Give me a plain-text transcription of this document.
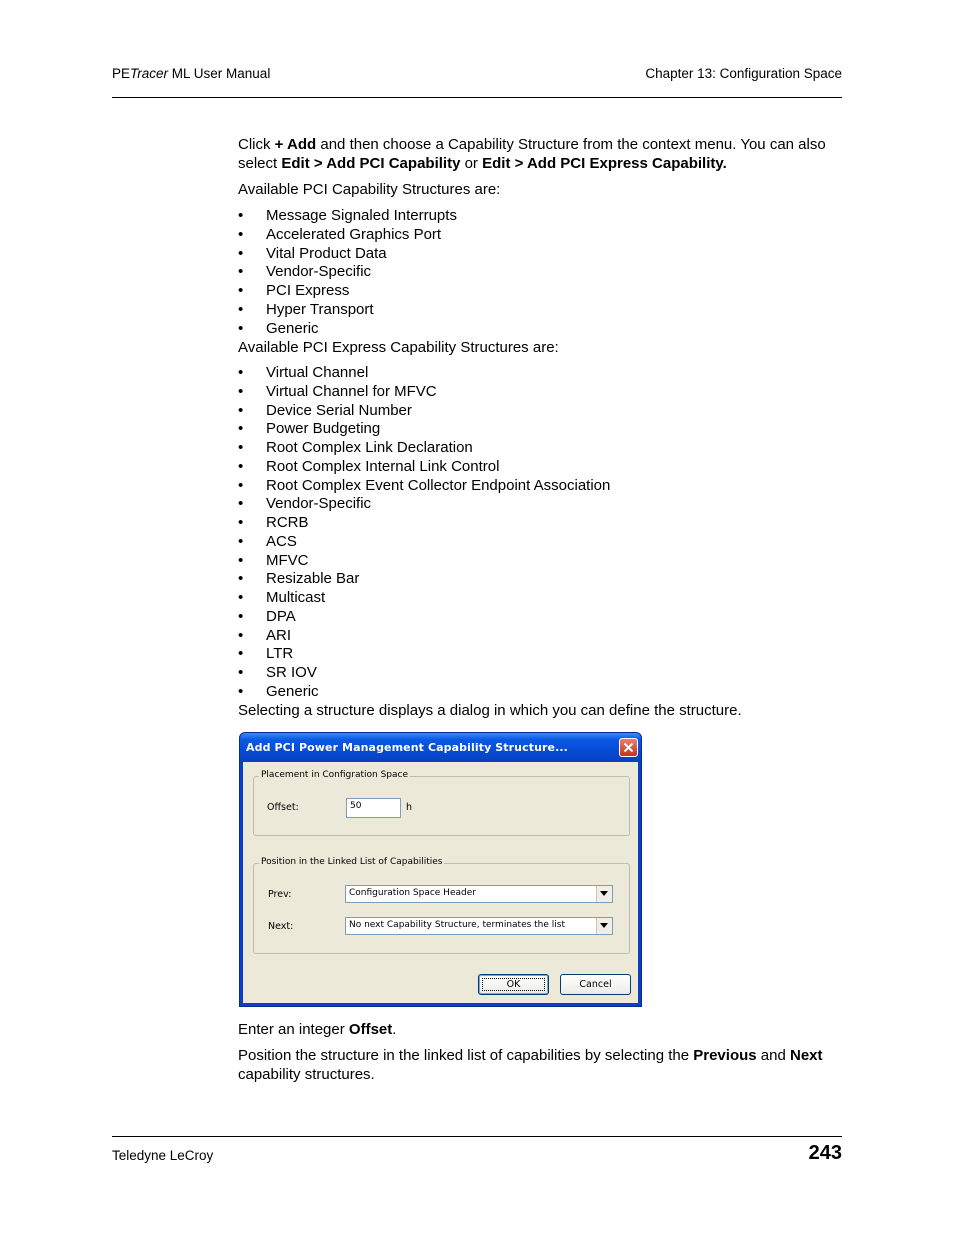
PETracer ML User Manual	Chapter 13: Configuration Space
Click + Add and then choose a Capability Structure from the context menu. You can also select Edit > Add PCI Capability or Edit > Add PCI Express Capability.
Available PCI Capability Structures are:
• Message Signaled Interrupts
• Accelerated Graphics Port
• Vital Product Data
• Vendor-Specific
• PCI Express
• Hyper Transport
• Generic
Available PCI Express Capability Structures are:
• Virtual Channel
• Virtual Channel for MFVC
• Device Serial Number
• Power Budgeting
• Root Complex Link Declaration
• Root Complex Internal Link Control
• Root Complex Event Collector Endpoint Association
• Vendor-Specific
• RCRB
• ACS
• MFVC
• Resizable Bar
• Multicast
• DPA
• ARI
• LTR
• SR IOV
• Generic
Selecting a structure displays a dialog in which you can define the structure.
Add PCI Power Management Capability Structure...
Placement in Configration Space
Offset:	50	h
Position in the Linked List of Capabilities
Prev:	Configuration Space Header
Next:	No next Capability Structure, terminates the list
OK	Cancel
Enter an integer Offset.
Position the structure in the linked list of capabilities by selecting the Previous and Next capability structures.
Teledyne LeCroy	243
